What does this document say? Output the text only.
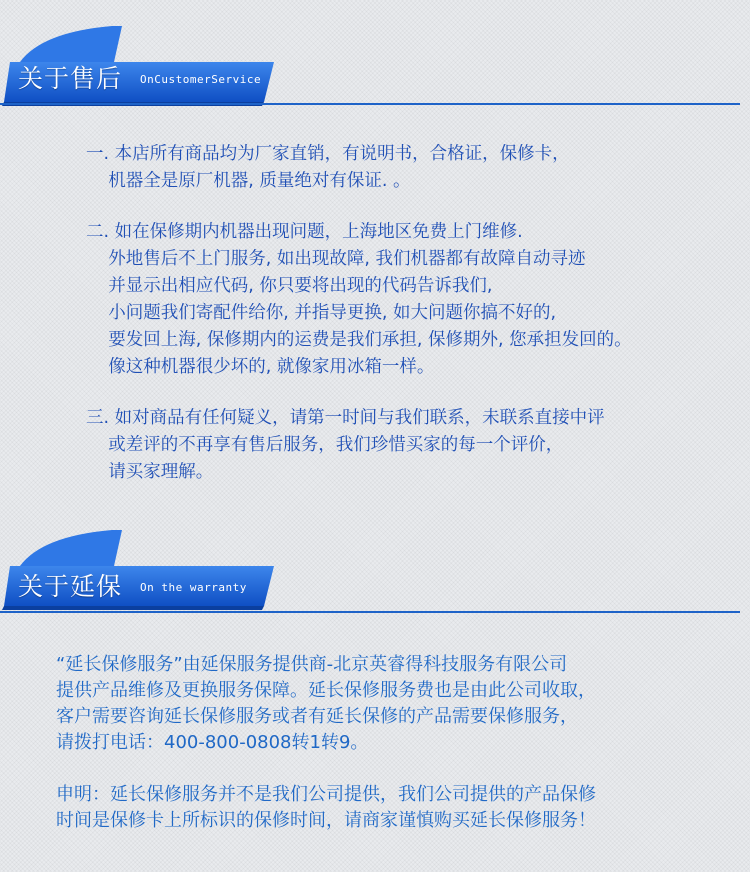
关于售后 OnCustomerService
一. 本店所有商品均为厂家直销，有说明书，合格证，保修卡，
机器全是原厂机器, 质量绝对有保证. 。
二. 如在保修期内机器出现问题，上海地区免费上门维修.
外地售后不上门服务, 如出现故障, 我们机器都有故障自动寻迹
并显示出相应代码, 你只要将出现的代码告诉我们,
小问题我们寄配件给你, 并指导更换, 如大问题你搞不好的,
要发回上海, 保修期内的运费是我们承担, 保修期外, 您承担发回的。
像这种机器很少坏的, 就像家用冰箱一样。
三. 如对商品有任何疑义，请第一时间与我们联系，未联系直接中评
或差评的不再享有售后服务，我们珍惜买家的每一个评价，
请买家理解。
关于延保 On the warranty
“延长保修服务”由延保服务提供商-北京英睿得科技服务有限公司
提供产品维修及更换服务保障。延长保修服务费也是由此公司收取，
客户需要咨询延长保修服务或者有延长保修的产品需要保修服务，
请拨打电话：400-800-0808转1转9。
申明：延长保修服务并不是我们公司提供，我们公司提供的产品保修
时间是保修卡上所标识的保修时间，请商家谨慎购买延长保修服务！
